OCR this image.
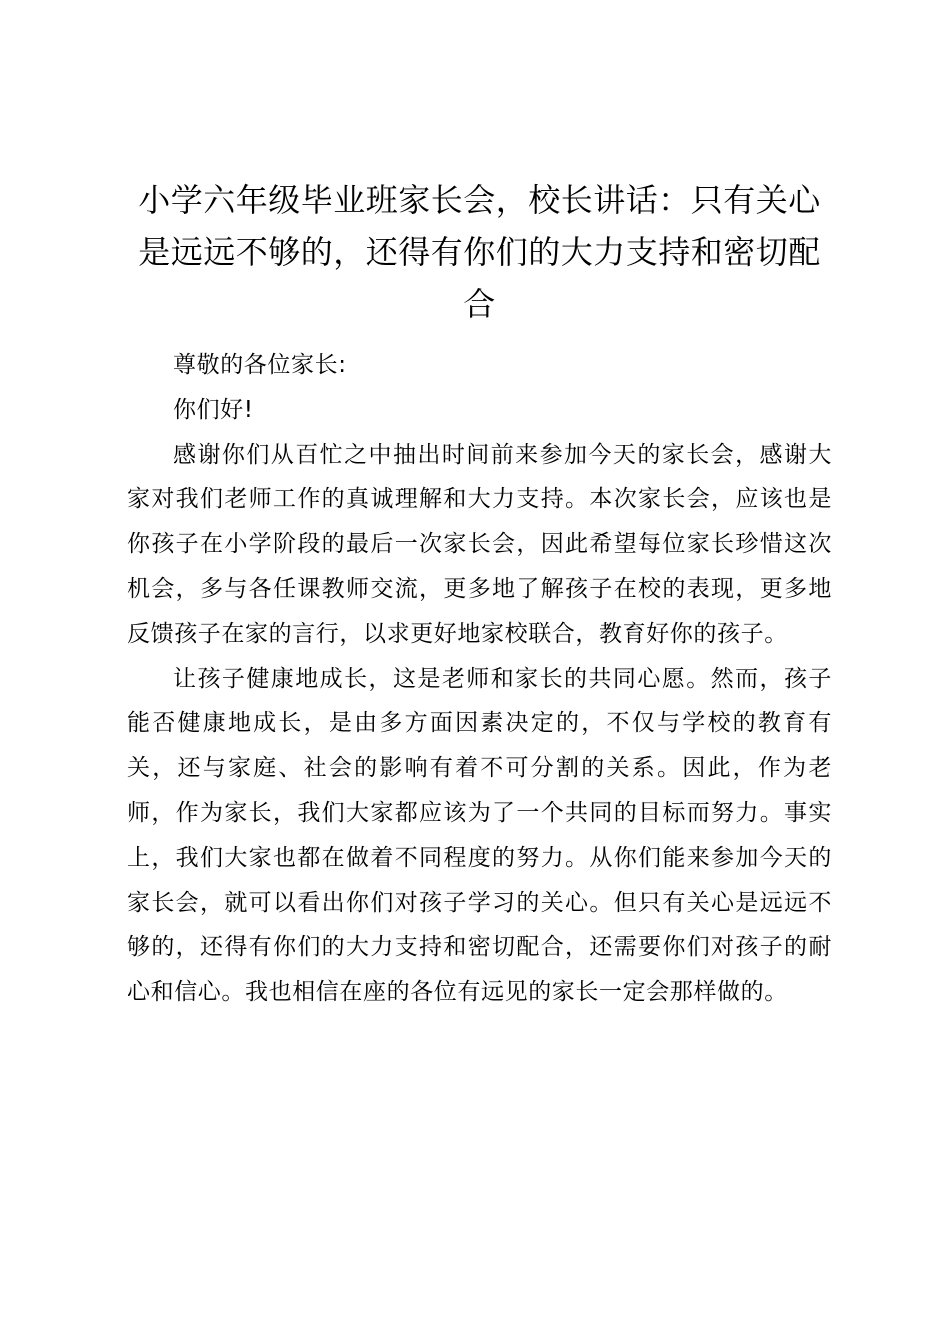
小学六年级毕业班家长会，校长讲话：只有关心是远远不够的，还得有你们的大力支持和密切配合

尊敬的各位家长:

你们好!

感谢你们从百忙之中抽出时间前来参加今天的家长会，感谢大家对我们老师工作的真诚理解和大力支持。本次家长会，应该也是你孩子在小学阶段的最后一次家长会，因此希望每位家长珍惜这次机会，多与各任课教师交流，更多地了解孩子在校的表现，更多地反馈孩子在家的言行，以求更好地家校联合，教育好你的孩子。

让孩子健康地成长，这是老师和家长的共同心愿。然而，孩子能否健康地成长，是由多方面因素决定的，不仅与学校的教育有关，还与家庭、社会的影响有着不可分割的关系。因此，作为老师，作为家长，我们大家都应该为了一个共同的目标而努力。事实上，我们大家也都在做着不同程度的努力。从你们能来参加今天的家长会，就可以看出你们对孩子学习的关心。但只有关心是远远不够的，还得有你们的大力支持和密切配合，还需要你们对孩子的耐心和信心。我也相信在座的各位有远见的家长一定会那样做的。
